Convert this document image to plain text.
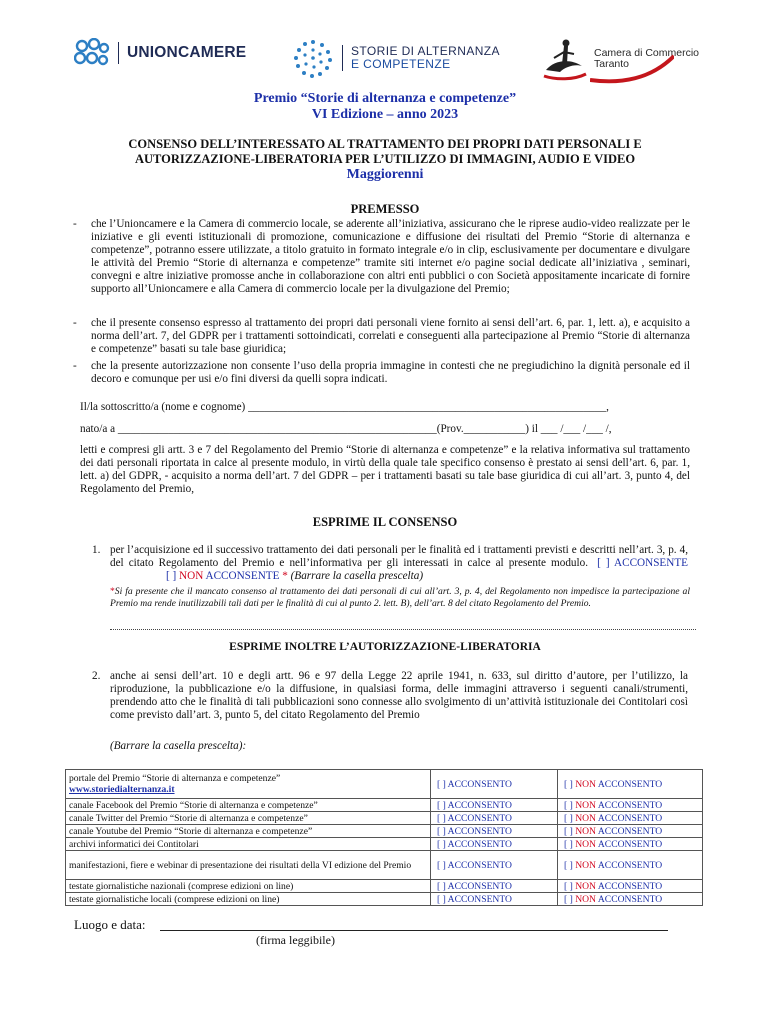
UNIONCAMERE	STORIE DI ALTERNANZA
E COMPETENZE
Camera di Commercio
Taranto
Premio “Storie di alternanza e competenze”
VI Edizione – anno 2023
CONSENSO DELL’INTERESSATO AL TRATTAMENTO DEI PROPRI DATI PERSONALI E
AUTORIZZAZIONE-LIBERATORIA PER L’UTILIZZO DI IMMAGINI, AUDIO E VIDEO
Maggiorenni
PREMESSO
- che l’Unioncamere e la Camera di commercio locale, se aderente all’iniziativa, assicurano che le riprese audio-video realizzate per le iniziative e gli eventi istituzionali di promozione, comunicazione e diffusione dei risultati del Premio “Storie di alternanza e competenze”, potranno essere utilizzate, a titolo gratuito in formato integrale e/o in clip, esclusivamente per documentare e divulgare le attività del Premio “Storie di alternanza e competenze” tramite siti internet e/o pagine social dedicate all’iniziativa , seminari, convegni e altre iniziative promosse anche in collaborazione con altri enti pubblici o con Società appositamente incaricate di fornire supporto all’Unioncamere e alla Camera di commercio locale per la divulgazione del Premio;
- che il presente consenso espresso al trattamento dei propri dati personali viene fornito ai sensi dell’art. 6, par. 1, lett. a), e acquisito a norma dell’art. 7, del GDPR per i trattamenti sottoindicati, correlati e conseguenti alla partecipazione al Premio “Storie di alternanza e competenze” basati su tale base giuridica;
- che la presente autorizzazione non consente l’uso della propria immagine in contesti che ne pregiudichino la dignità personale ed il decoro e comunque per usi e/o fini diversi da quelli sopra indicati.
Il/la sottoscritto/a (nome e cognome) ________________________________________________________________,
nato/a a _________________________________________________________(Prov.___________) il ___ /___ /___ /,
letti e compresi gli artt. 3 e 7 del Regolamento del Premio “Storie di alternanza e competenze” e la relativa informativa sul trattamento dei dati personali riportata in calce al presente modulo, in virtù della quale tale specifico consenso è prestato ai sensi dell’art. 6, par. 1, lett. a) del GDPR, - acquisito a norma dell’art. 7 del GDPR – per i trattamenti basati su tale base giuridica di cui all’art. 3, punto 4, del Regolamento del Premio,
ESPRIME IL CONSENSO
1. per l’acquisizione ed il successivo trattamento dei dati personali per le finalità ed i trattamenti previsti e descritti nell’art. 3, p. 4, del citato Regolamento del Premio e nell’informativa per gli interessati in calce al presente modulo. [ ] ACCONSENTE [ ] NON ACCONSENTE * (Barrare la casella prescelta)
*Si fa presente che il mancato consenso al trattamento dei dati personali di cui all’art. 3, p. 4, del Regolamento non impedisce la partecipazione al Premio ma rende inutilizzabili tali dati per le finalità di cui al punto 2. lett. B), dell’art. 8 del citato Regolamento del Premio.
ESPRIME INOLTRE L’AUTORIZZAZIONE-LIBERATORIA
2. anche ai sensi dell’art. 10 e degli artt. 96 e 97 della Legge 22 aprile 1941, n. 633, sul diritto d’autore, per l’utilizzo, la riproduzione, la pubblicazione e/o la diffusione, in qualsiasi forma, delle immagini attraverso i seguenti canali/strumenti, prendendo atto che le finalità di tali pubblicazioni sono connesse allo svolgimento di un’attività istituzionale dei Contitolari così come previsto dall’art. 3, punto 5, del citato Regolamento del Premio
(Barrare la casella prescelta):
portale del Premio “Storie di alternanza e competenze”
www.storiedialternanza.it	[ ] ACCONSENTO	[ ] NON ACCONSENTO
canale Facebook del Premio “Storie di alternanza e competenze”	[ ] ACCONSENTO	[ ] NON ACCONSENTO
canale Twitter del Premio “Storie di alternanza e competenze”	[ ] ACCONSENTO	[ ] NON ACCONSENTO
canale Youtube del Premio “Storie di alternanza e competenze”	[ ] ACCONSENTO	[ ] NON ACCONSENTO
archivi informatici dei Contitolari	[ ] ACCONSENTO	[ ] NON ACCONSENTO
manifestazioni, fiere e webinar di presentazione dei risultati della VI edizione del Premio	[ ] ACCONSENTO	[ ] NON ACCONSENTO
testate giornalistiche nazionali (comprese edizioni on line)	[ ] ACCONSENTO	[ ] NON ACCONSENTO
testate giornalistiche locali (comprese edizioni on line)	[ ] ACCONSENTO	[ ] NON ACCONSENTO
Luogo e data:
(firma leggibile)
